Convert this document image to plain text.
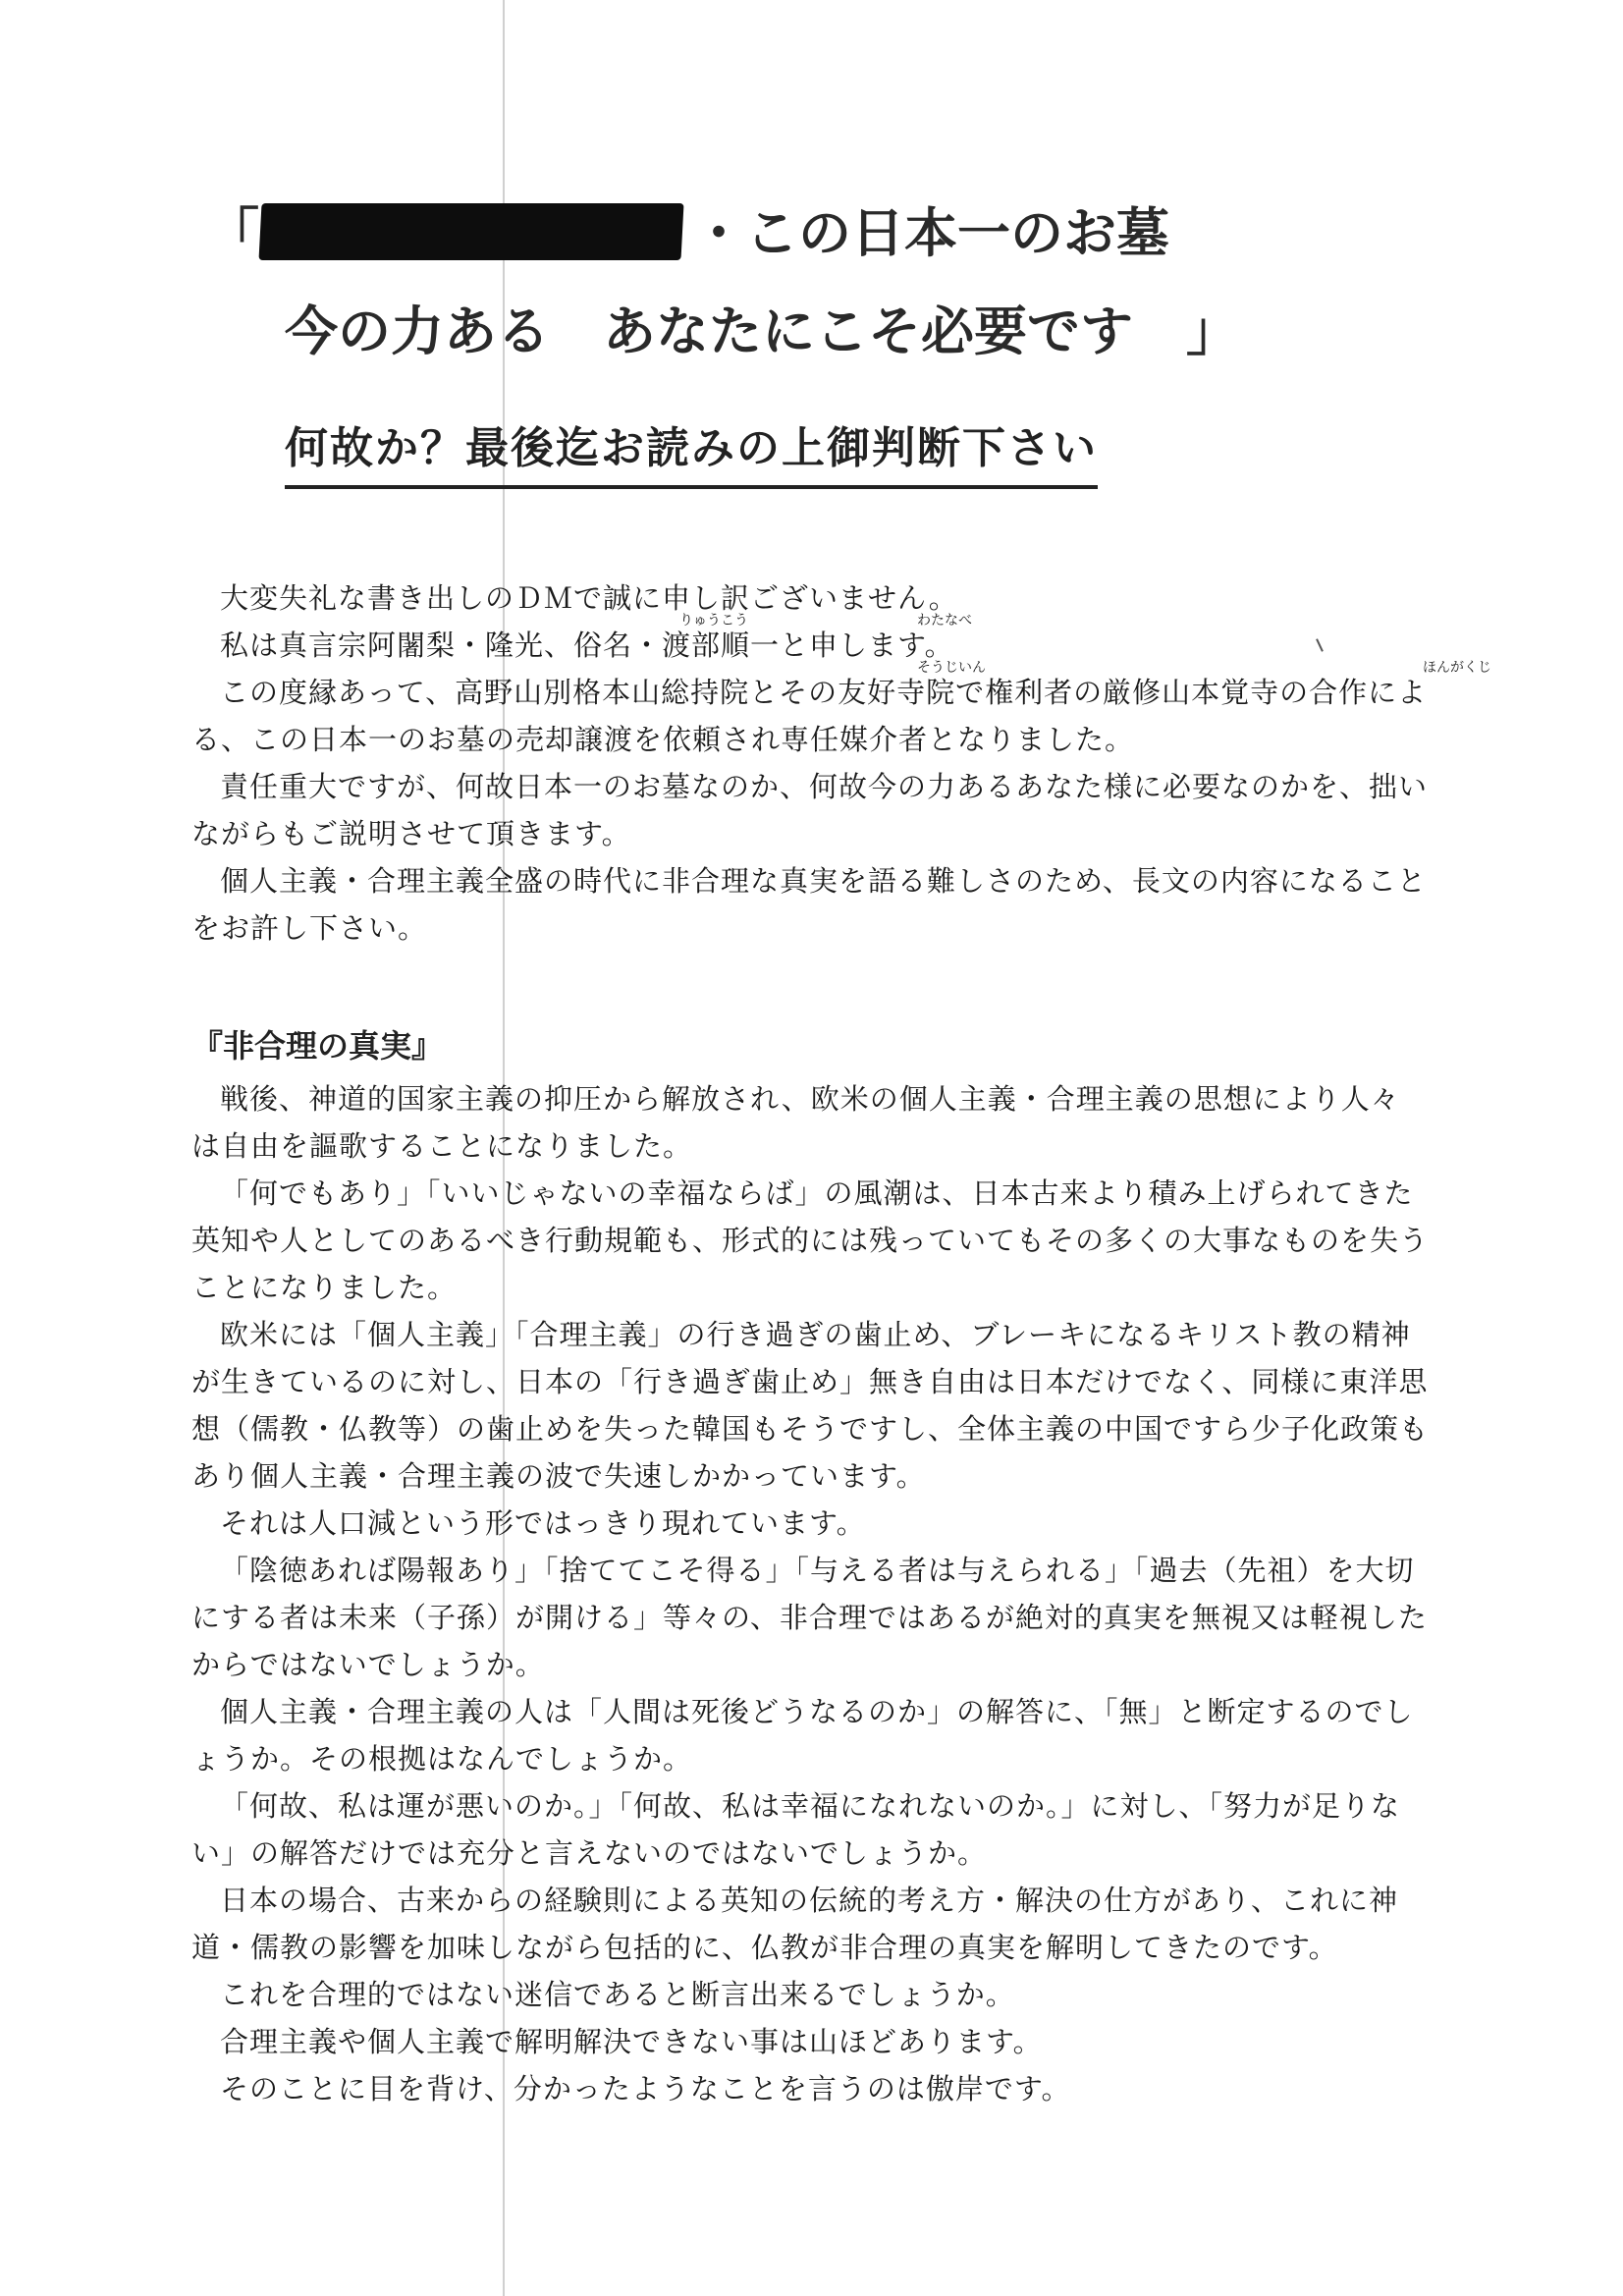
「	・この日本一のお墓
今の力ある　あなたにこそ必要です　」
何故か？最後迄お読みの上御判断下さい

大変失礼な書き出しのＤＭで誠に申し訳ございません。

私は真言宗阿闍梨・隆光、俗名・渡部順一と申します。
りゅうこう	わたなべ

この度縁あって、高野山別格本山総持院とその友好寺院で権利者の厳修山本覚寺の合作による、この日本一のお墓の売却譲渡を依頼され専任媒介者となりました。
そうじいん	ほんがくじ

責任重大ですが、何故日本一のお墓なのか、何故今の力あるあなた様に必要なのかを、拙いながらもご説明させて頂きます。

個人主義・合理主義全盛の時代に非合理な真実を語る難しさのため、長文の内容になることをお許し下さい。

『非合理の真実』

戦後、神道的国家主義の抑圧から解放され、欧米の個人主義・合理主義の思想により人々は自由を謳歌することになりました。

「何でもあり」「いいじゃないの幸福ならば」の風潮は、日本古来より積み上げられてきた英知や人としてのあるべき行動規範も、形式的には残っていてもその多くの大事なものを失うことになりました。

欧米には「個人主義」「合理主義」の行き過ぎの歯止め、ブレーキになるキリスト教の精神が生きているのに対し、日本の「行き過ぎ歯止め」無き自由は日本だけでなく、同様に東洋思想（儒教・仏教等）の歯止めを失った韓国もそうですし、全体主義の中国ですら少子化政策もあり個人主義・合理主義の波で失速しかかっています。

それは人口減という形ではっきり現れています。

「陰徳あれば陽報あり」「捨ててこそ得る」「与える者は与えられる」「過去（先祖）を大切にする者は未来（子孫）が開ける」等々の、非合理ではあるが絶対的真実を無視又は軽視したからではないでしょうか。

個人主義・合理主義の人は「人間は死後どうなるのか」の解答に、「無」と断定するのでしょうか。その根拠はなんでしょうか。

「何故、私は運が悪いのか。」「何故、私は幸福になれないのか。」に対し、「努力が足りない」の解答だけでは充分と言えないのではないでしょうか。

日本の場合、古来からの経験則による英知の伝統的考え方・解決の仕方があり、これに神道・儒教の影響を加味しながら包括的に、仏教が非合理の真実を解明してきたのです。

これを合理的ではない迷信であると断言出来るでしょうか。

合理主義や個人主義で解明解決できない事は山ほどあります。

そのことに目を背け、分かったようなことを言うのは傲岸です。
